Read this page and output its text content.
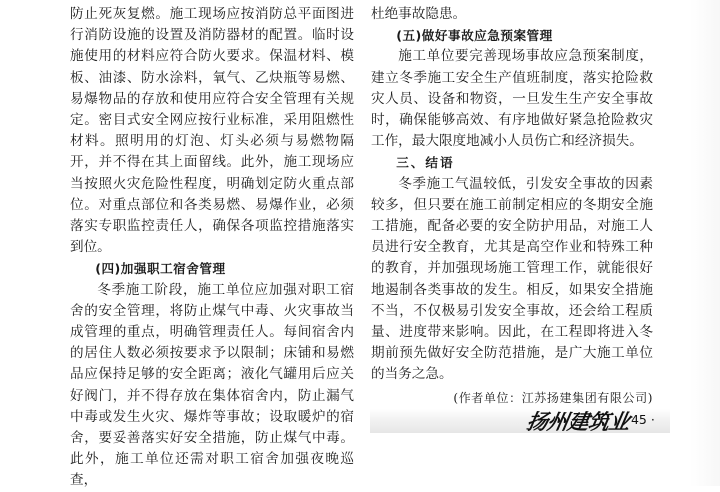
防止死灰复燃。施工现场应按消防总平面图进行消防设施的设置及消防器材的配置。临时设施使用的材料应符合防火要求。保温材料、模板、油漆、防水涂料，氧气、乙炔瓶等易燃、易爆物品的存放和使用应符合安全管理有关规定。密目式安全网应按行业标准，采用阻燃性材料。照明用的灯泡、灯头必须与易燃物隔开，并不得在其上面留线。此外，施工现场应当按照火灾危险性程度，明确划定防火重点部位。对重点部位和各类易燃、易爆作业，必须落实专职监控责任人，确保各项监控措施落实到位。

(四)加强职工宿舍管理

冬季施工阶段，施工单位应加强对职工宿舍的安全管理，将防止煤气中毒、火灾事故当成管理的重点，明确管理责任人。每间宿舍内的居住人数必须按要求予以限制；床铺和易燃品应保持足够的安全距离；液化气罐用后应关好阀门，并不得存放在集体宿舍内，防止漏气中毒或发生火灾、爆炸等事故；设取暖炉的宿舍，要妥善落实好安全措施，防止煤气中毒。此外，施工单位还需对职工宿舍加强夜晚巡查，

杜绝事故隐患。

(五)做好事故应急预案管理

施工单位要完善现场事故应急预案制度，建立冬季施工安全生产值班制度，落实抢险救灾人员、设备和物资，一旦发生生产安全事故时，确保能够高效、有序地做好紧急抢险救灾工作，最大限度地减小人员伤亡和经济损失。

三、结语

冬季施工气温较低，引发安全事故的因素较多，但只要在施工前制定相应的冬期安全施工措施，配备必要的安全防护用品，对施工人员进行安全教育，尤其是高空作业和特殊工种的教育，并加强现场施工管理工作，就能很好地遏制各类事故的发生。相反，如果安全措施不当，不仅极易引发安全事故，还会给工程质量、进度带来影响。因此，在工程即将进入冬期前预先做好安全防范措施，是广大施工单位的当务之急。

(作者单位：江苏扬建集团有限公司)

扬州建筑业
· 45 ·
